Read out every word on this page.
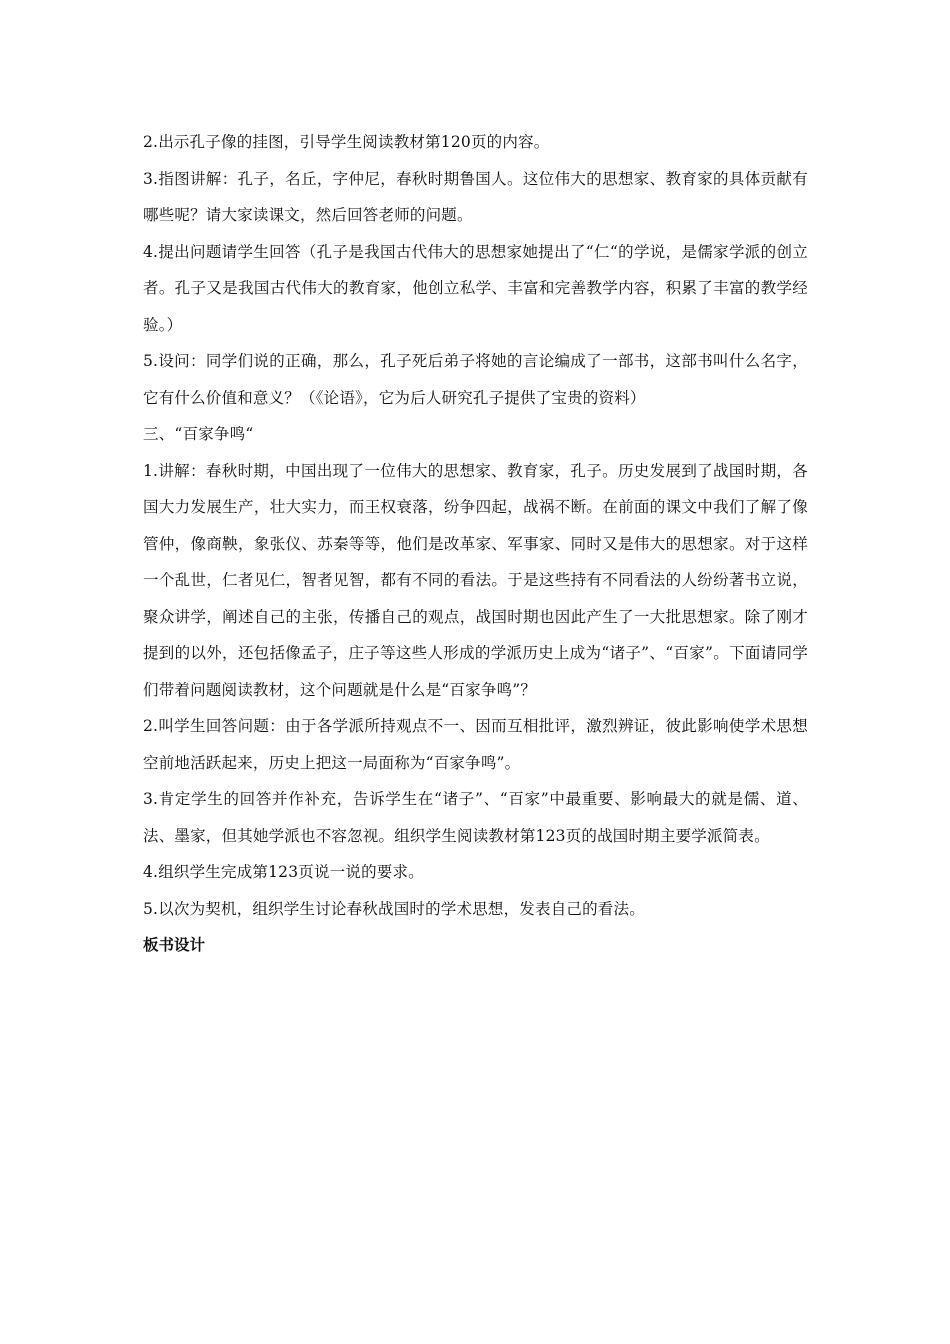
2.出示孔子像的挂图，引导学生阅读教材第120页的内容。

3.指图讲解：孔子，名丘，字仲尼，春秋时期鲁国人。这位伟大的思想家、教育家的具体贡献有哪些呢？请大家读课文，然后回答老师的问题。

4.提出问题请学生回答（孔子是我国古代伟大的思想家她提出了“仁“的学说，是儒家学派的创立者。孔子又是我国古代伟大的教育家，他创立私学、丰富和完善教学内容，积累了丰富的教学经验。）

5.设问：同学们说的正确，那么，孔子死后弟子将她的言论编成了一部书，这部书叫什么名字，它有什么价值和意义？（《论语》，它为后人研究孔子提供了宝贵的资料）

三、“百家争鸣“

1.讲解：春秋时期，中国出现了一位伟大的思想家、教育家，孔子。历史发展到了战国时期，各国大力发展生产，壮大实力，而王权衰落，纷争四起，战祸不断。在前面的课文中我们了解了像管仲，像商鞅，象张仪、苏秦等等，他们是改革家、军事家、同时又是伟大的思想家。对于这样一个乱世，仁者见仁，智者见智，都有不同的看法。于是这些持有不同看法的人纷纷著书立说，聚众讲学，阐述自己的主张，传播自己的观点，战国时期也因此产生了一大批思想家。除了刚才提到的以外，还包括像孟子，庄子等这些人形成的学派历史上成为“诸子”、“百家”。下面请同学们带着问题阅读教材，这个问题就是什么是“百家争鸣”？

2.叫学生回答问题：由于各学派所持观点不一、因而互相批评，激烈辨证，彼此影响使学术思想空前地活跃起来，历史上把这一局面称为“百家争鸣”。

3.肯定学生的回答并作补充，告诉学生在“诸子”、“百家”中最重要、影响最大的就是儒、道、法、墨家，但其她学派也不容忽视。组织学生阅读教材第123页的战国时期主要学派简表。

4.组织学生完成第123页说一说的要求。

5.以次为契机，组织学生讨论春秋战国时的学术思想，发表自己的看法。

板书设计
